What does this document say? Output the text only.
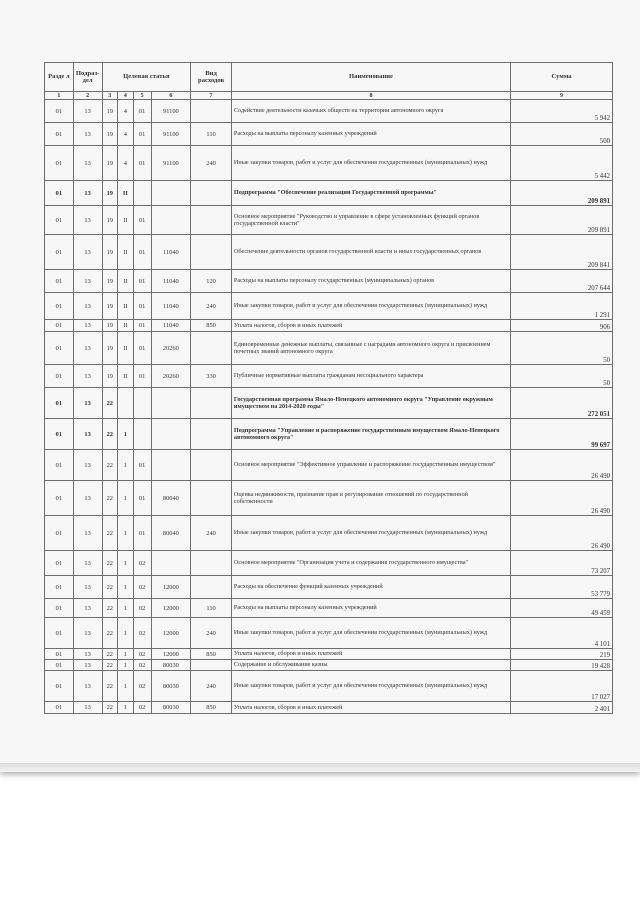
Разде л	Подраз- дел	Целевая статья				Вид расходов	Наименование	Сумма
1	2	3	4	5	6	7	8	9
01	13	19	4	01	91100		Содействие деятельности казачьих обществ на территории автономного округа	5 942
01	13	19	4	01	91100	110	Расходы на выплаты персоналу казенных учреждений	500
01	13	19	4	01	91100	240	Иные закупки товаров, работ и услуг для обеспечения государственных (муниципальных) нужд	5 442
01	13	19	II				Подпрограмма "Обеспечение реализации Государственной программы"	209 891
01	13	19	II	01			Основное мероприятие "Руководство и управление в сфере установленных функций органов государственной власти"	209 891
01	13	19	II	01	11040		Обеспечение деятельности органов государственной власти и иных государственных органов	209 841
01	13	19	II	01	11040	120	Расходы на выплаты персоналу государственных (муниципальных) органов	207 644
01	13	19	II	01	11040	240	Иные закупки товаров, работ и услуг для обеспечения государственных (муниципальных) нужд	1 291
01	13	19	II	01	11040	850	Уплата налогов, сборов и иных платежей	906
01	13	19	II	01	20260		Единовременные денежные выплаты, связанные с наградами автономного округа и присвоением почетных званий автономного округа	50
01	13	19	II	01	20260	330	Публичные нормативные выплаты гражданам несоциального характера	50
01	13	22					Государственная программа Ямало-Ненецкого автономного округа "Управление окружным имуществом на 2014-2020 годы"	272 051
01	13	22	1				Подпрограмма "Управление и распоряжение государственным имуществом Ямало-Ненецкого автономного округа"	99 697
01	13	22	1	01			Основное мероприятие "Эффективное управление и распоряжение государственным имуществом"	26 490
01	13	22	1	01	80040		Оценка недвижимости, признание прав и регулирование отношений по государственной собственности	26 490
01	13	22	1	01	80040	240	Иные закупки товаров, работ и услуг для обеспечения государственных (муниципальных) нужд	26 490
01	13	22	1	02			Основное мероприятие "Организация учета и содержания государственного имущества"	73 207
01	13	22	1	02	12000		Расходы на обеспечение функций казенных учреждений	53 779
01	13	22	1	02	12000	110	Расходы на выплаты персоналу казенных учреждений	49 459
01	13	22	1	02	12000	240	Иные закупки товаров, работ и услуг для обеспечения государственных (муниципальных) нужд	4 101
01	13	22	1	02	12000	850	Уплата налогов, сборов и иных платежей	219
01	13	22	1	02	80030		Содержание и обслуживание казны	19 428
01	13	22	1	02	80030	240	Иные закупки товаров, работ и услуг для обеспечения государственных (муниципальных) нужд	17 027
01	13	22	1	02	80030	850	Уплата налогов, сборов и иных платежей	2 401
